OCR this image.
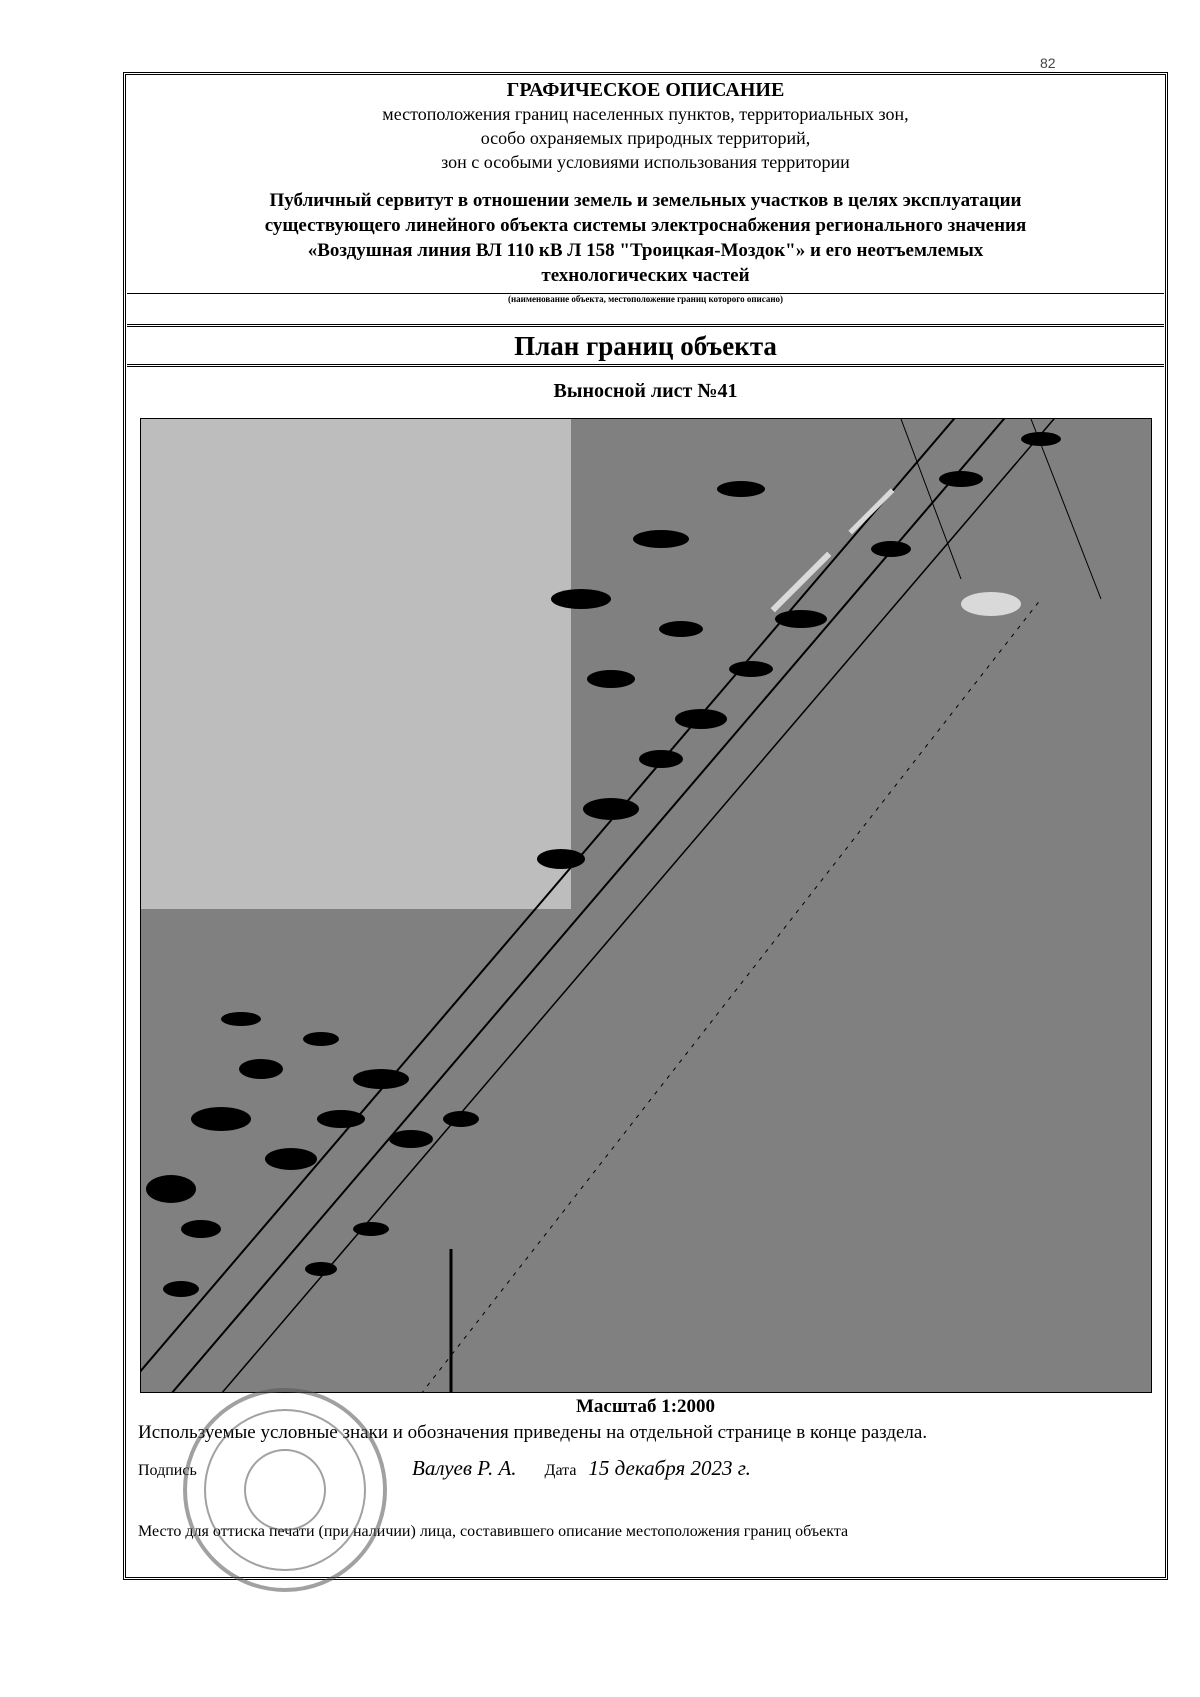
82
ГРАФИЧЕСКОЕ ОПИСАНИЕ
местоположения границ населенных пунктов, территориальных зон,
особо охраняемых природных территорий,
зон с особыми условиями использования территории
Публичный сервитут в отношении земель и земельных участков в целях эксплуатации
существующего линейного объекта системы электроснабжения регионального значения
«Воздушная линия ВЛ 110 кВ Л 158 "Троицкая-Моздок"» и его неотъемлемых
технологических частей
(наименование объекта, местоположение границ которого описано)
План границ объекта
Выносной лист №41
Масштаб 1:2000
Используемые условные знаки и обозначения приведены на отдельной странице в конце раздела.
Подпись	Валуев Р. А. Дата 15 декабря 2023 г.
Место для оттиска печати (при наличии) лица, составившего описание местоположения границ объекта
